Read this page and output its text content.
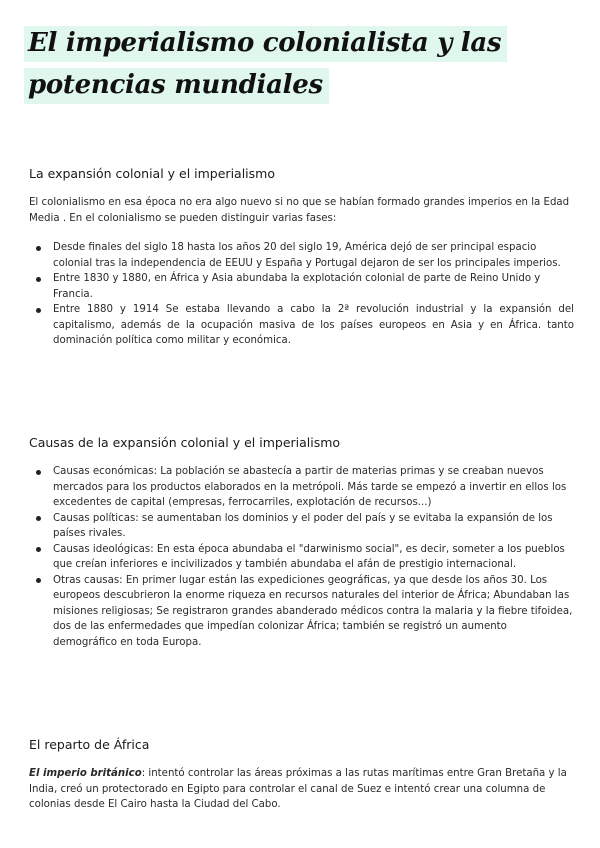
El imperialismo colonialista y las
potencias mundiales
La expansión colonial y el imperialismo

El colonialismo en esa época no era algo nuevo si no que se habían formado grandes imperios en la Edad Media . En el colonialismo se pueden distinguir varias fases:

Desde finales del siglo 18 hasta los años 20 del siglo 19, América dejó de ser principal espacio colonial tras la independencia de EEUU y España y Portugal dejaron de ser los principales imperios.
Entre 1830 y 1880, en África y Asia abundaba la explotación colonial de parte de Reino Unido y Francia.
Entre 1880 y 1914 Se estaba llevando a cabo la 2ª revolución industrial y la expansión del capitalismo, además de la ocupación masiva de los países europeos en Asia y en África. tanto dominación política como militar y económica.
Causas de la expansión colonial y el imperialismo
Causas económicas: La población se abastecía a partir de materias primas y se creaban nuevos mercados para los productos elaborados en la metrópoli. Más tarde se empezó a invertir en ellos los excedentes de capital (empresas, ferrocarriles, explotación de recursos...)
Causas políticas: se aumentaban los dominios y el poder del país y se evitaba la expansión de los países rivales.
Causas ideológicas: En esta época abundaba el "darwinismo social", es decir, someter a los pueblos que creían inferiores e incivilizados y también abundaba el afán de prestigio internacional.
Otras causas: En primer lugar están las expediciones geográficas, ya que desde los años 30. Los europeos descubrieron la enorme riqueza en recursos naturales del interior de África; Abundaban las misiones religiosas; Se registraron grandes abanderado médicos contra la malaria y la fiebre tifoidea, dos de las enfermedades que impedían colonizar África; también se registró un aumento demográfico en toda Europa.
El reparto de África

El imperio británico: intentó controlar las áreas próximas a las rutas marítimas entre Gran Bretaña y la India, creó un protectorado en Egipto para controlar el canal de Suez e intentó crear una columna de colonias desde El Cairo hasta la Ciudad del Cabo.
